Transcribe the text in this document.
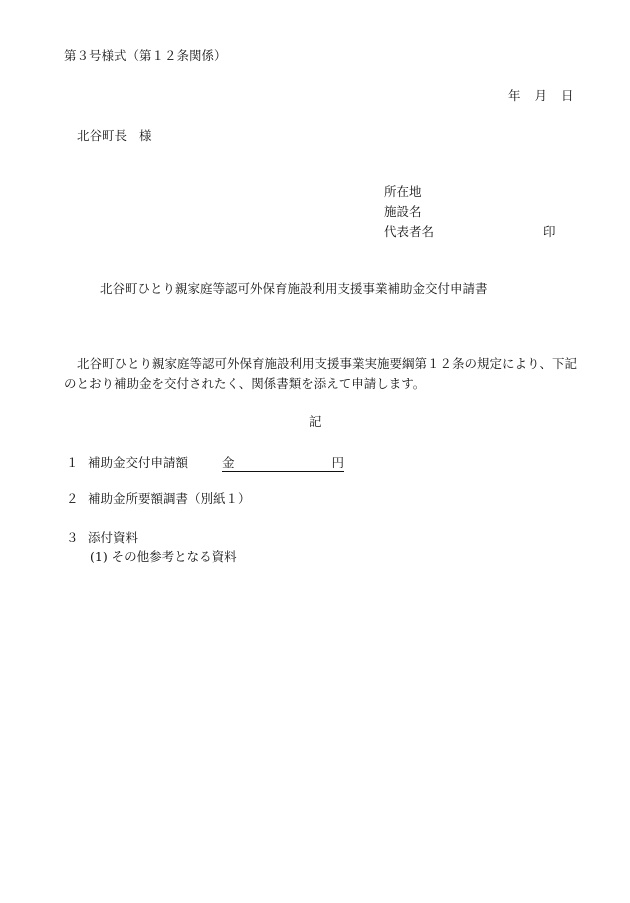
第３号様式（第１２条関係）
年 月 日
北谷町長 様
所在地
施設名
代表者名	印
北谷町ひとり親家庭等認可外保育施設利用支援事業補助金交付申請書
北谷町ひとり親家庭等認可外保育施設利用支援事業実施要綱第１２条の規定により、下記
のとおり補助金を交付されたく、関係書類を添えて申請します。
記
１ 補助金交付申請額	金	円
２ 補助金所要額調書（別紙１）
３ 添付資料
(1) その他参考となる資料
